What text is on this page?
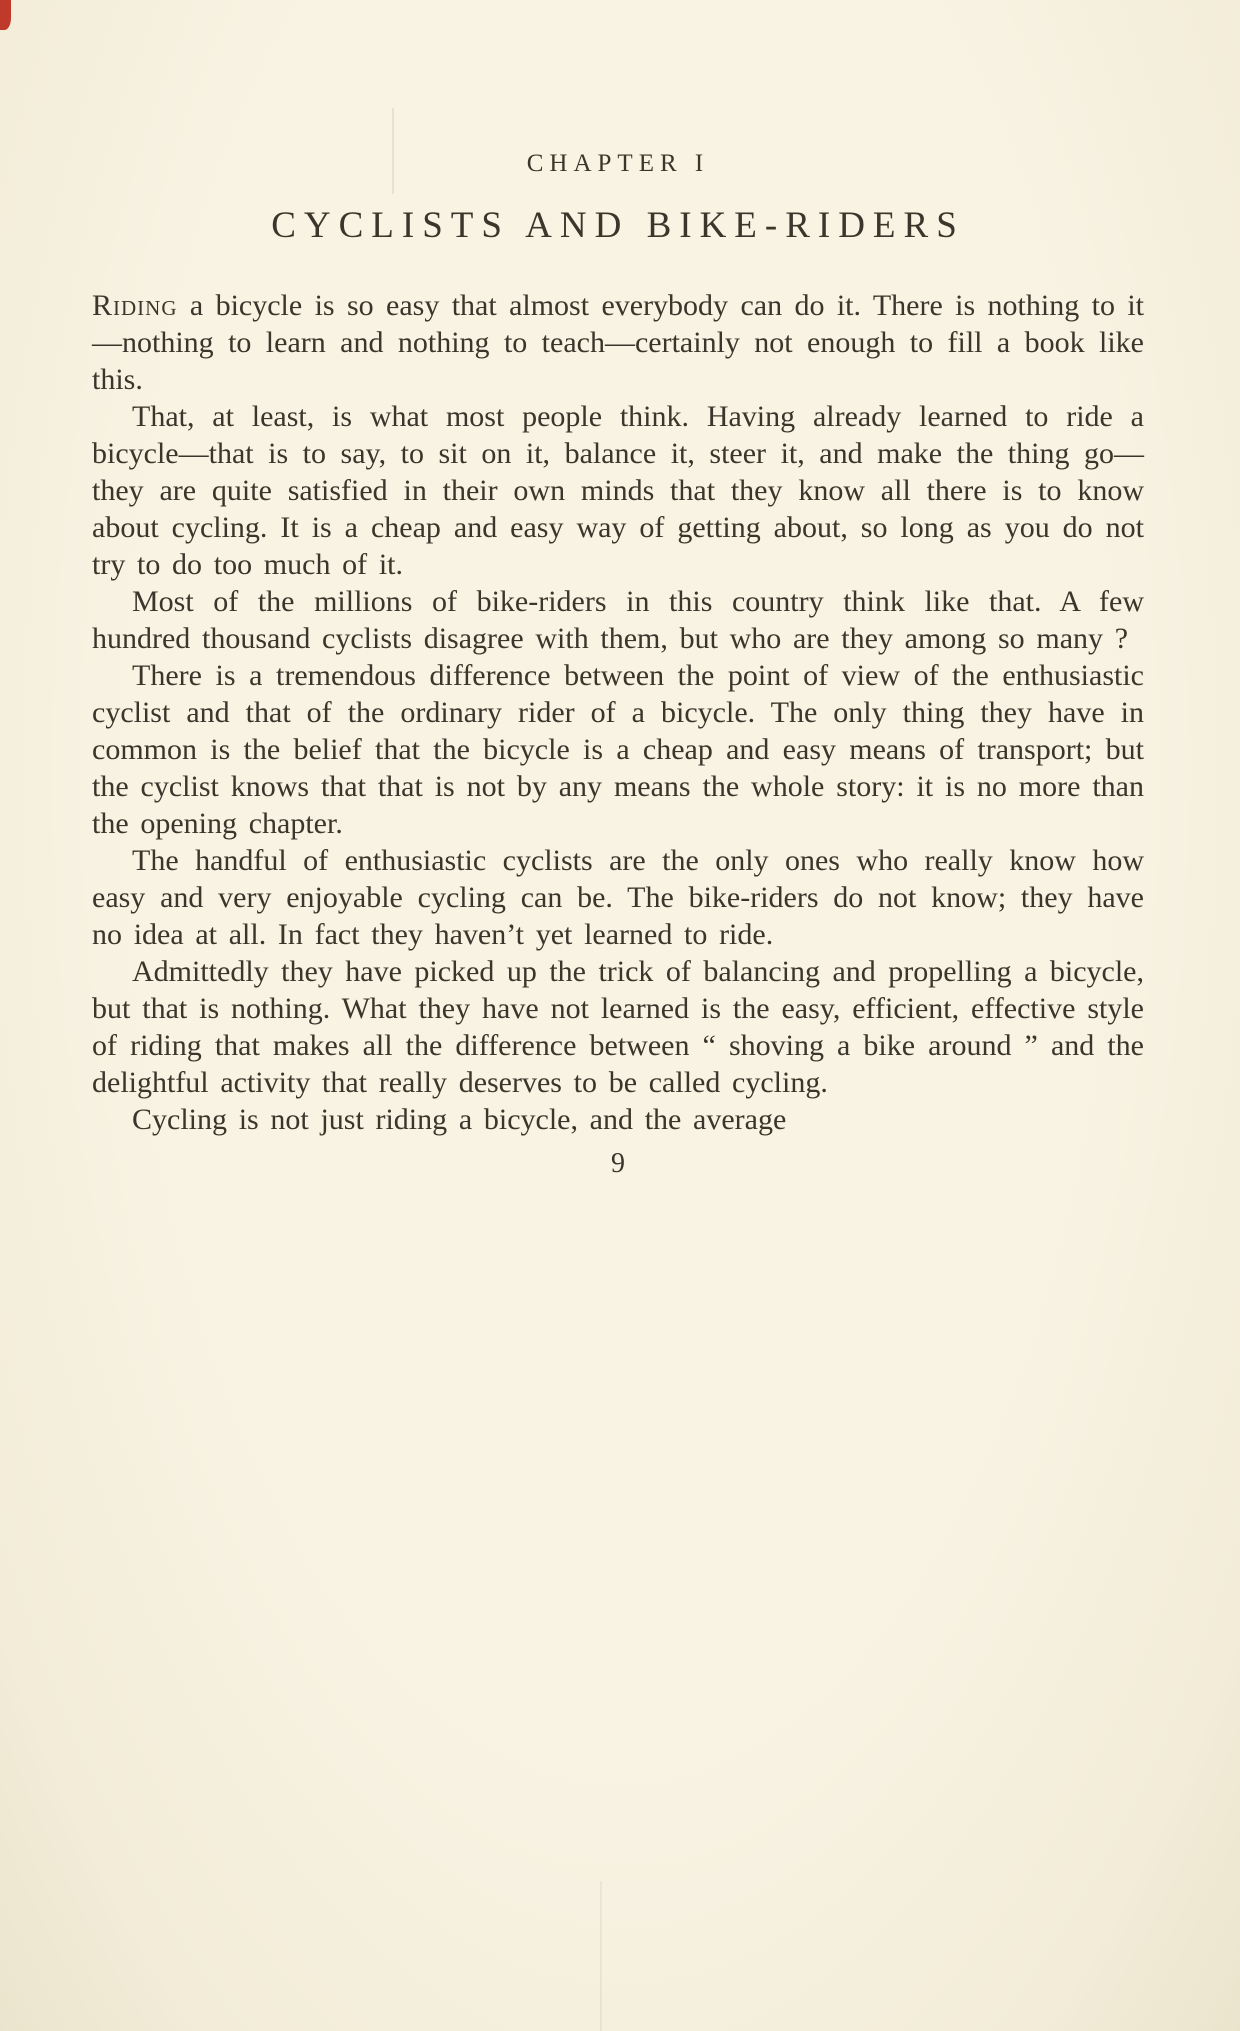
CHAPTER I
CYCLISTS AND BIKE-RIDERS

Riding a bicycle is so easy that almost everybody can do it. There is nothing to it—nothing to learn and nothing to teach—certainly not enough to fill a book like this.

That, at least, is what most people think. Having already learned to ride a bicycle—that is to say, to sit on it, balance it, steer it, and make the thing go—they are quite satisfied in their own minds that they know all there is to know about cycling. It is a cheap and easy way of getting about, so long as you do not try to do too much of it.

Most of the millions of bike-riders in this country think like that. A few hundred thousand cyclists disagree with them, but who are they among so many ?

There is a tremendous difference between the point of view of the enthusiastic cyclist and that of the ordinary rider of a bicycle. The only thing they have in common is the belief that the bicycle is a cheap and easy means of transport; but the cyclist knows that that is not by any means the whole story: it is no more than the opening chapter.

The handful of enthusiastic cyclists are the only ones who really know how easy and very enjoyable cycling can be. The bike-riders do not know; they have no idea at all. In fact they haven’t yet learned to ride.

Admittedly they have picked up the trick of balancing and propelling a bicycle, but that is nothing. What they have not learned is the easy, efficient, effective style of riding that makes all the difference between “ shoving a bike around ” and the delightful activity that really deserves to be called cycling.

Cycling is not just riding a bicycle, and the average

9
